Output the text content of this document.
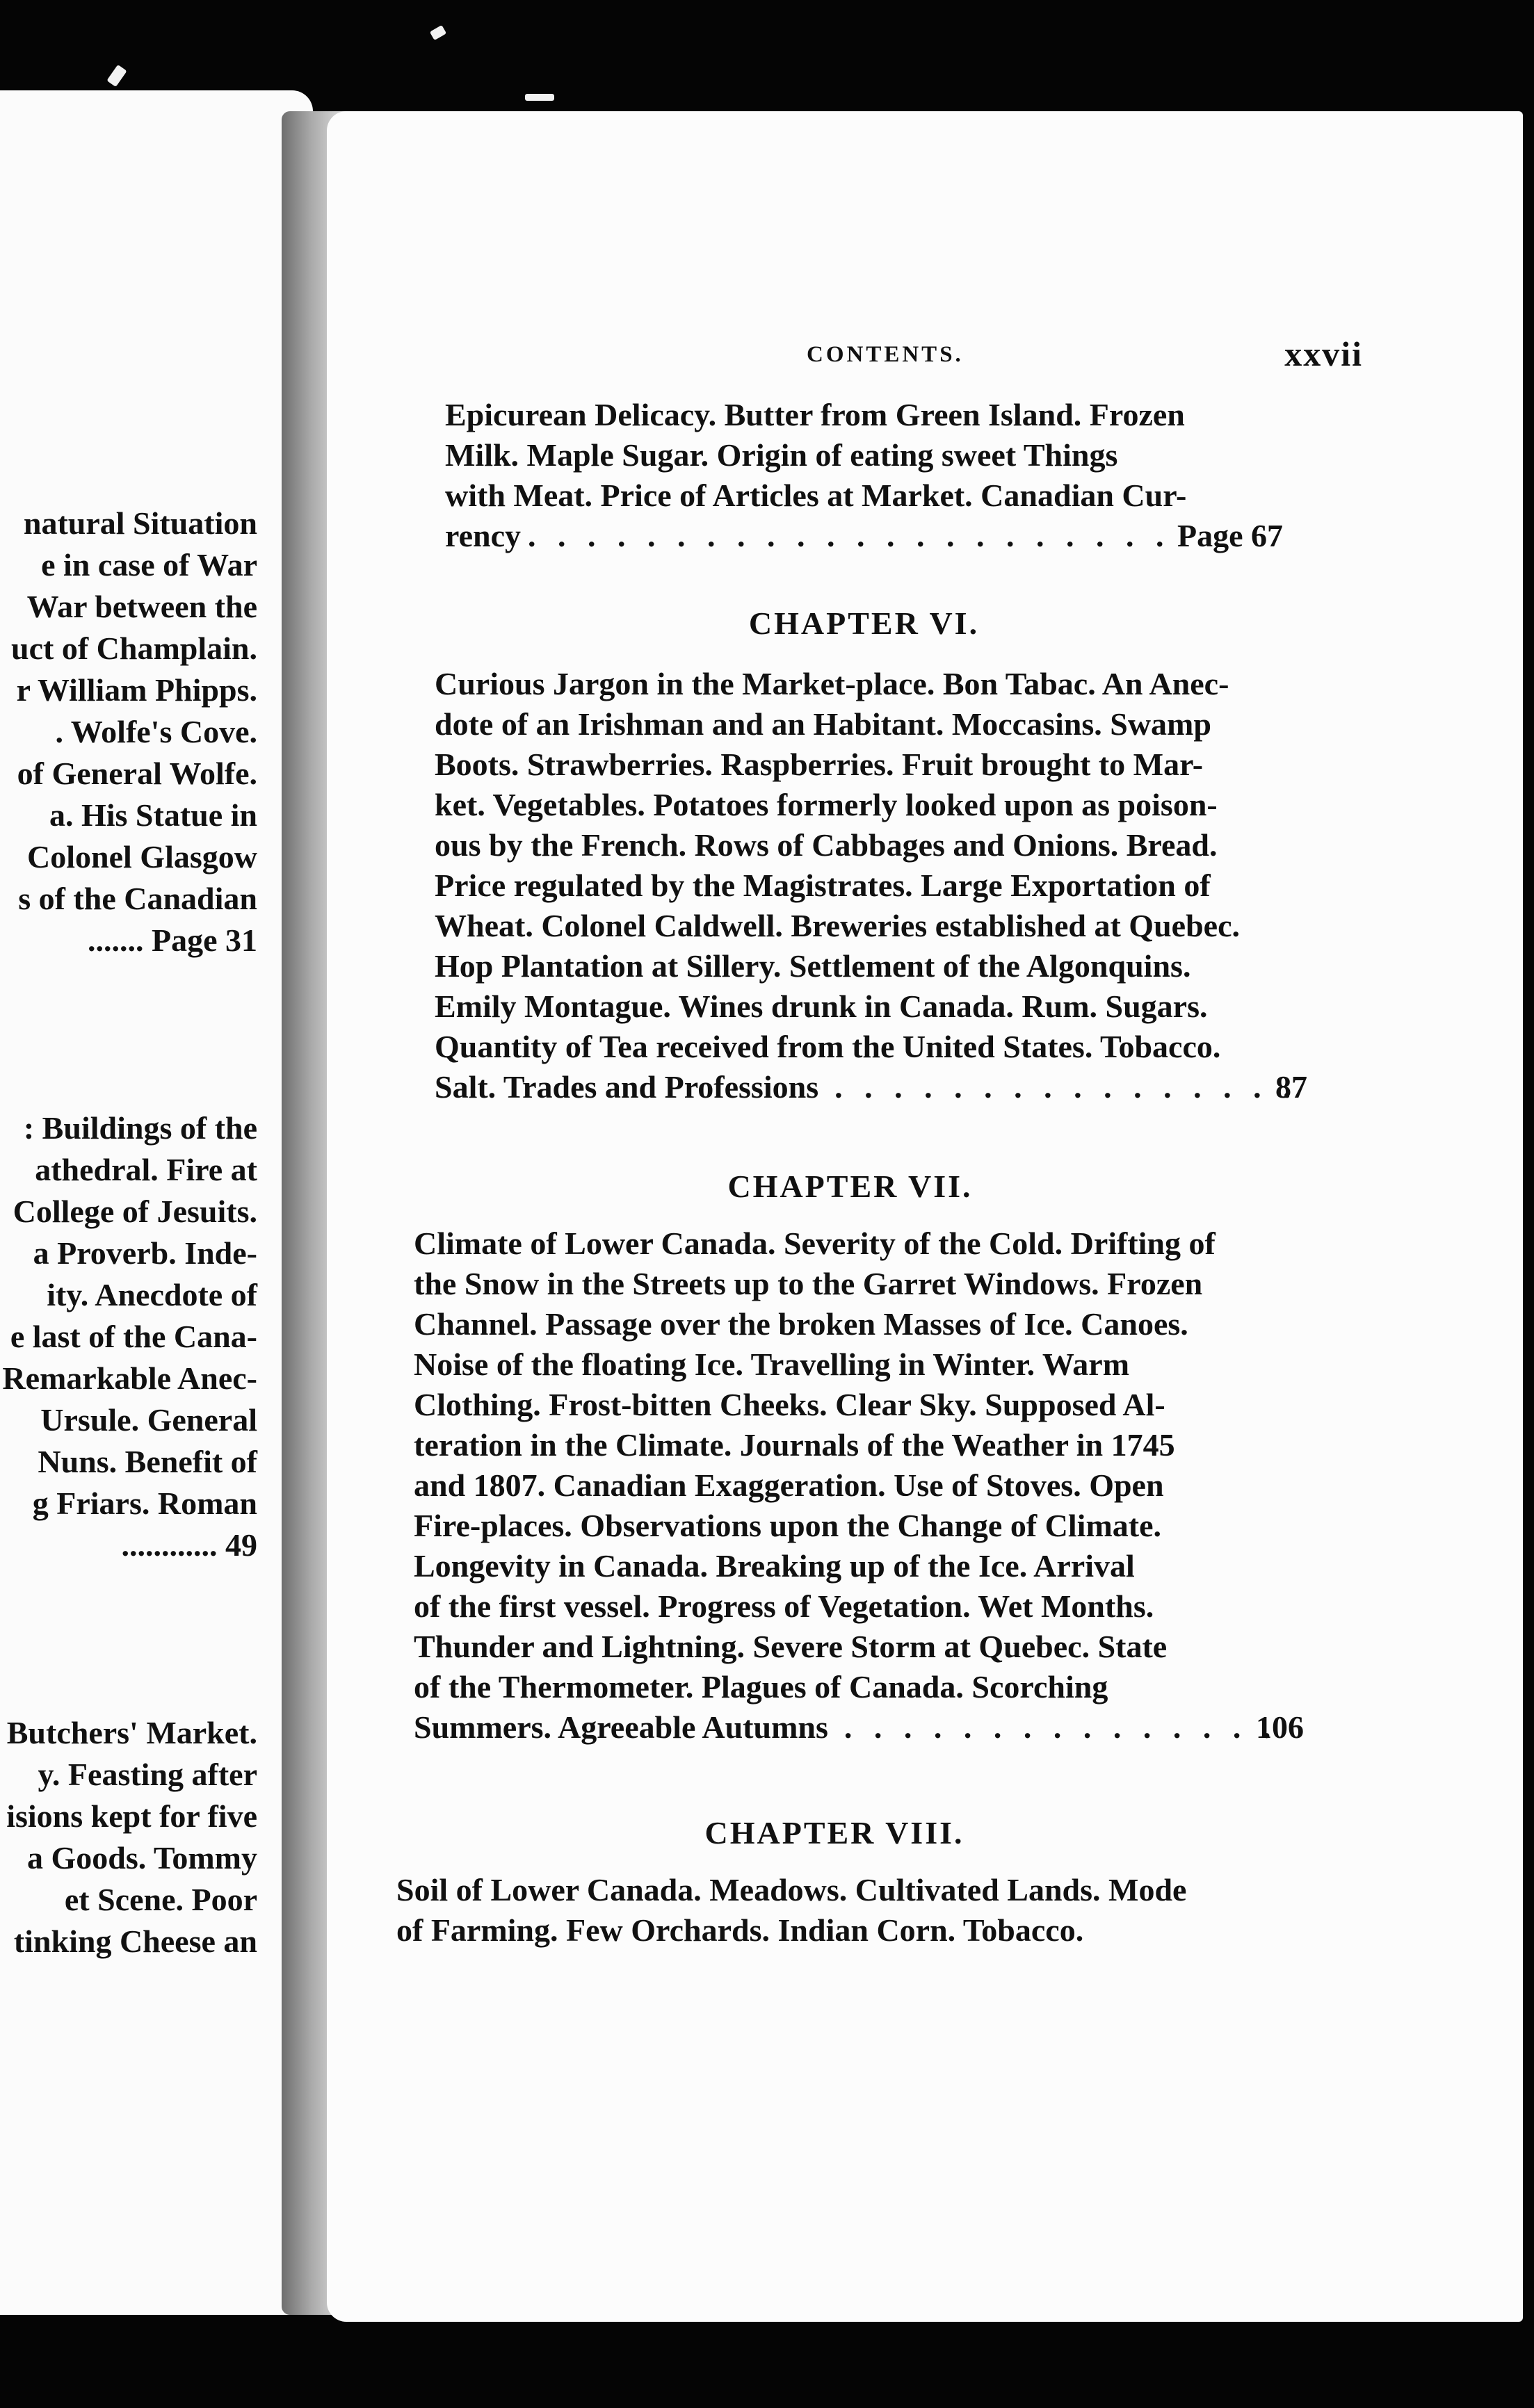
natural Situation
e in case of War
War between the
uct of Champlain.
r William Phipps.
. Wolfe's Cove.
of General Wolfe.
a. His Statue in
Colonel Glasgow
s of the Canadian
....... Page 31
: Buildings of the
athedral. Fire at
College of Jesuits.
a Proverb. Inde-
ity. Anecdote of
e last of the Cana-
Remarkable Anec-
Ursule. General
Nuns. Benefit of
g Friars. Roman
............ 49
Butchers' Market.
y. Feasting after
isions kept for five
a Goods. Tommy
et Scene. Poor
tinking Cheese an
CONTENTS.	xxvii
Epicurean Delicacy. Butter from Green Island. Frozen
Milk. Maple Sugar. Origin of eating sweet Things
with Meat. Price of Articles at Market. Canadian Cur-
rency . . .	Page 67
CHAPTER VI.
Curious Jargon in the Market-place. Bon Tabac. An Anec-
dote of an Irishman and an Habitant. Moccasins. Swamp
Boots. Strawberries. Raspberries. Fruit brought to Mar-
ket. Vegetables. Potatoes formerly looked upon as poison-
ous by the French. Rows of Cabbages and Onions. Bread.
Price regulated by the Magistrates. Large Exportation of
Wheat. Colonel Caldwell. Breweries established at Quebec.
Hop Plantation at Sillery. Settlement of the Algonquins.
Emily Montague. Wines drunk in Canada. Rum. Sugars.
Quantity of Tea received from the United States. Tobacco.
Salt. Trades and Professions . . .	87
CHAPTER VII.
Climate of Lower Canada. Severity of the Cold. Drifting of
the Snow in the Streets up to the Garret Windows. Frozen
Channel. Passage over the broken Masses of Ice. Canoes.
Noise of the floating Ice. Travelling in Winter. Warm
Clothing. Frost-bitten Cheeks. Clear Sky. Supposed Al-
teration in the Climate. Journals of the Weather in 1745
and 1807. Canadian Exaggeration. Use of Stoves. Open
Fire-places. Observations upon the Change of Climate.
Longevity in Canada. Breaking up of the Ice. Arrival
of the first vessel. Progress of Vegetation. Wet Months.
Thunder and Lightning. Severe Storm at Quebec. State
of the Thermometer. Plagues of Canada. Scorching
Summers. Agreeable Autumns . . .	106
CHAPTER VIII.
Soil of Lower Canada. Meadows. Cultivated Lands. Mode
of Farming. Few Orchards. Indian Corn. Tobacco.
